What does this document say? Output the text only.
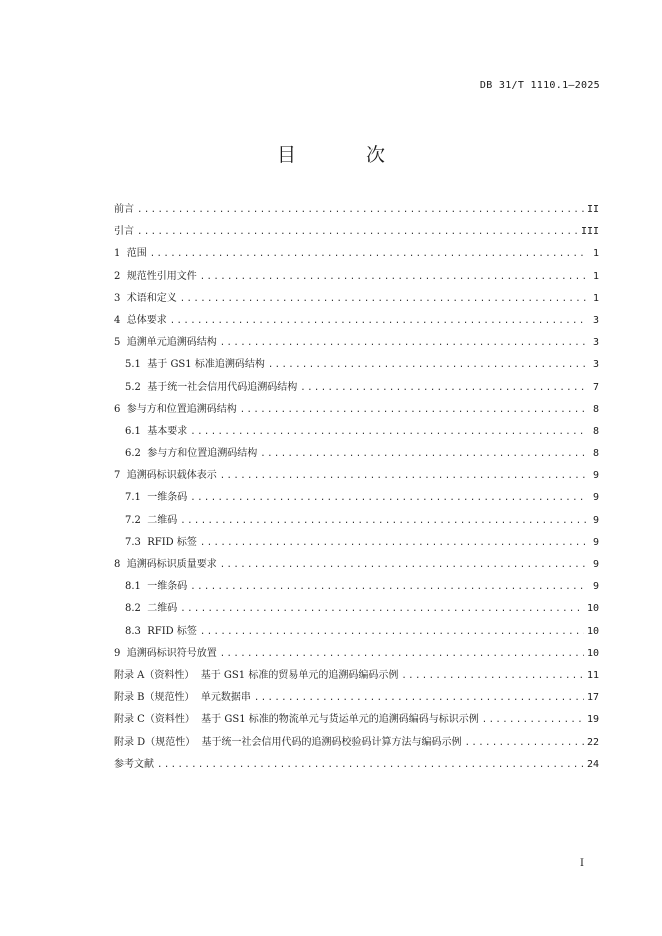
DB 31/T 1110.1—2025
目 次
前言 .....	II
引言 .....	III
1  范围 .....	1
2  规范性引用文件 .....	1
3  术语和定义 .....	1
4  总体要求 .....	3
5  追溯单元追溯码结构 .....	3
5.1  基于 GS1 标准追溯码结构 .....	3
5.2  基于统一社会信用代码追溯码结构 .....	7
6  参与方和位置追溯码结构 .....	8
6.1  基本要求 .....	8
6.2  参与方和位置追溯码结构 .....	8
7  追溯码标识载体表示 .....	9
7.1  一维条码 .....	9
7.2  二维码 .....	9
7.3  RFID 标签 .....	9
8  追溯码标识质量要求 .....	9
8.1  一维条码 .....	9
8.2  二维码 .....	10
8.3  RFID 标签 .....	10
9  追溯码标识符号放置 .....	10
附录 A（资料性）  基于 GS1 标准的贸易单元的追溯码编码示例 .....	11
附录 B（规范性）  单元数据串 .....	17
附录 C（资料性）  基于 GS1 标准的物流单元与货运单元的追溯码编码与标识示例 .....	19
附录 D（规范性）  基于统一社会信用代码的追溯码校验码计算方法与编码示例 .....	22
参考文献 .....	24
I
